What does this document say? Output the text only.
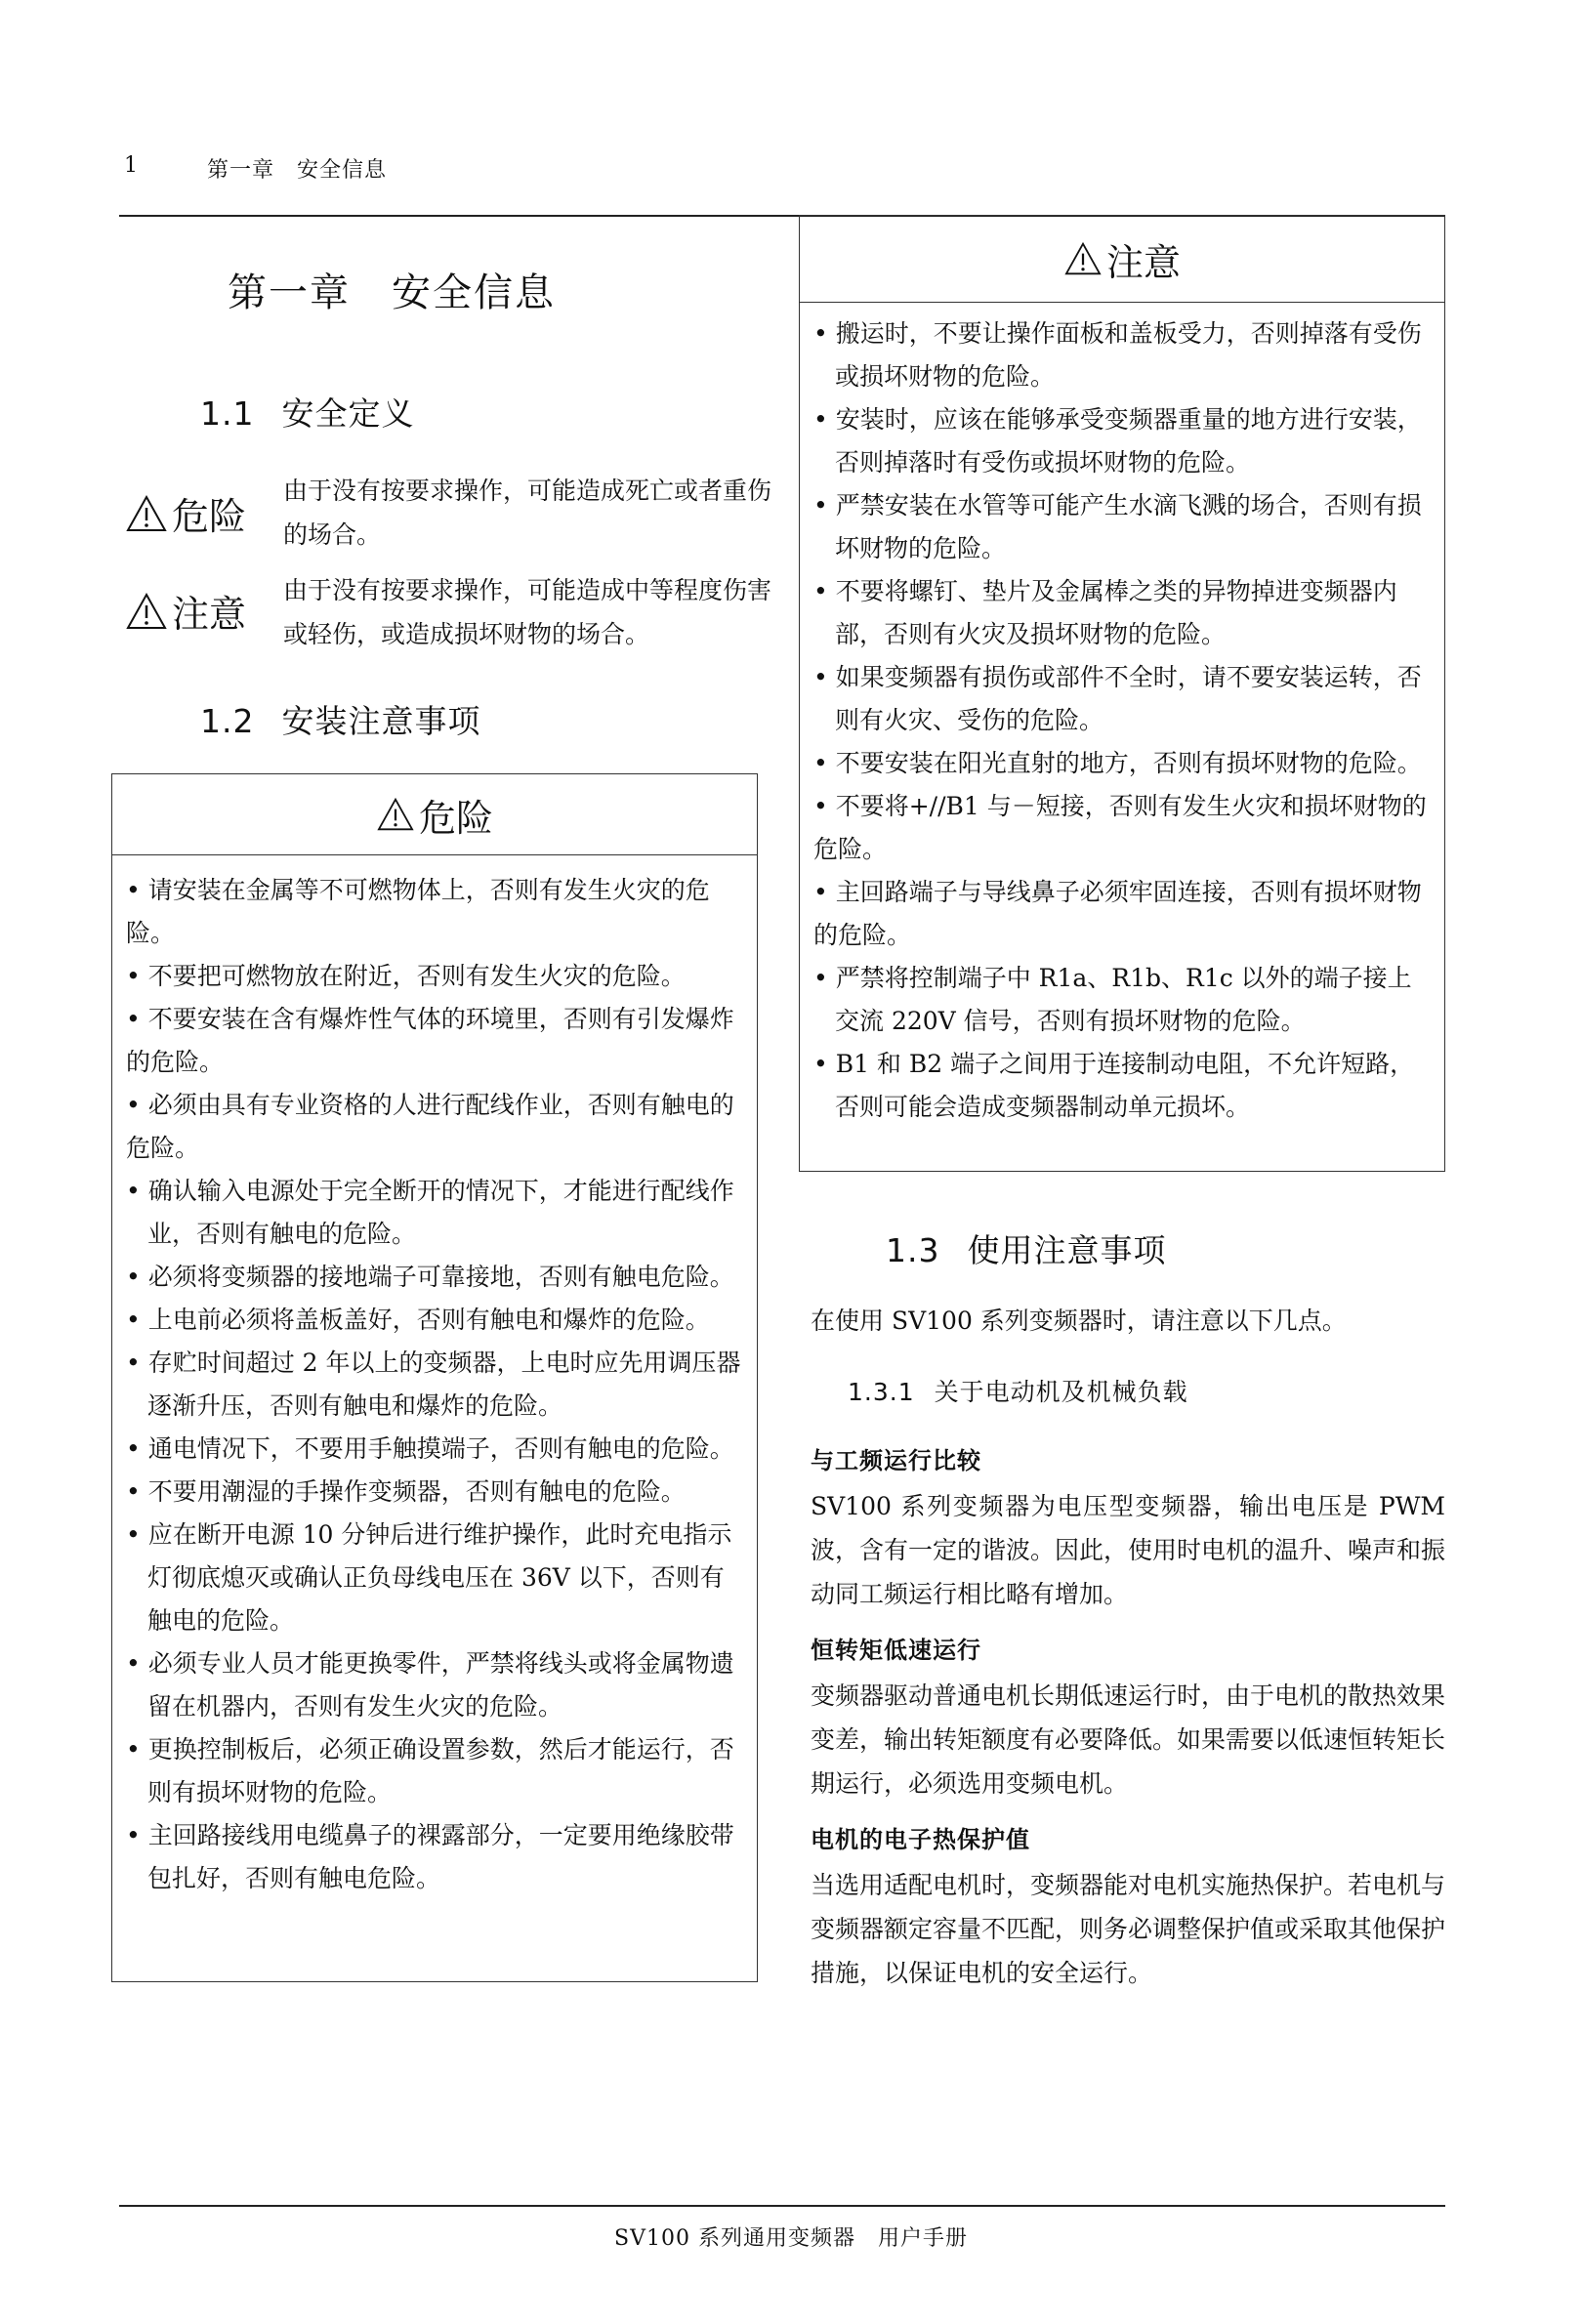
1	第一章　安全信息
第一章　安全信息
1.1 安全定义
危险
由于没有按要求操作，可能造成死亡或者重伤的场合。
注意
由于没有按要求操作，可能造成中等程度伤害或轻伤，或造成损坏财物的场合。
1.2 安装注意事项
危险
• 请安装在金属等不可燃物体上，否则有发生火灾的危险。
• 不要把可燃物放在附近，否则有发生火灾的危险。
• 不要安装在含有爆炸性气体的环境里，否则有引发爆炸的危险。
• 必须由具有专业资格的人进行配线作业，否则有触电的危险。
• 确认输入电源处于完全断开的情况下，才能进行配线作业，否则有触电的危险。
• 必须将变频器的接地端子可靠接地，否则有触电危险。
• 上电前必须将盖板盖好，否则有触电和爆炸的危险。
• 存贮时间超过 2 年以上的变频器，上电时应先用调压器逐渐升压，否则有触电和爆炸的危险。
• 通电情况下，不要用手触摸端子，否则有触电的危险。
• 不要用潮湿的手操作变频器，否则有触电的危险。
• 应在断开电源 10 分钟后进行维护操作，此时充电指示灯彻底熄灭或确认正负母线电压在 36V 以下，否则有触电的危险。
• 必须专业人员才能更换零件，严禁将线头或将金属物遗留在机器内，否则有发生火灾的危险。
• 更换控制板后，必须正确设置参数，然后才能运行，否则有损坏财物的危险。
• 主回路接线用电缆鼻子的裸露部分，一定要用绝缘胶带包扎好，否则有触电危险。
注意
• 搬运时，不要让操作面板和盖板受力，否则掉落有受伤或损坏财物的危险。
• 安装时，应该在能够承受变频器重量的地方进行安装，否则掉落时有受伤或损坏财物的危险。
• 严禁安装在水管等可能产生水滴飞溅的场合，否则有损坏财物的危险。
• 不要将螺钉、垫片及金属棒之类的异物掉进变频器内部，否则有火灾及损坏财物的危险。
• 如果变频器有损伤或部件不全时，请不要安装运转，否则有火灾、受伤的危险。
• 不要安装在阳光直射的地方，否则有损坏财物的危险。
• 不要将+//B1 与－短接，否则有发生火灾和损坏财物的危险。
• 主回路端子与导线鼻子必须牢固连接，否则有损坏财物的危险。
• 严禁将控制端子中 R1a、R1b、R1c 以外的端子接上交流 220V 信号，否则有损坏财物的危险。
• B1 和 B2 端子之间用于连接制动电阻，不允许短路，否则可能会造成变频器制动单元损坏。
1.3 使用注意事项
在使用 SV100 系列变频器时，请注意以下几点。
1.3.1 关于电动机及机械负载
与工频运行比较
SV100 系列变频器为电压型变频器，输出电压是 PWM 波，含有一定的谐波。因此，使用时电机的温升、噪声和振动同工频运行相比略有增加。
恒转矩低速运行
变频器驱动普通电机长期低速运行时，由于电机的散热效果变差，输出转矩额度有必要降低。如果需要以低速恒转矩长期运行，必须选用变频电机。
电机的电子热保护值
当选用适配电机时，变频器能对电机实施热保护。若电机与变频器额定容量不匹配，则务必调整保护值或采取其他保护措施，以保证电机的安全运行。
SV100 系列通用变频器　用户手册
